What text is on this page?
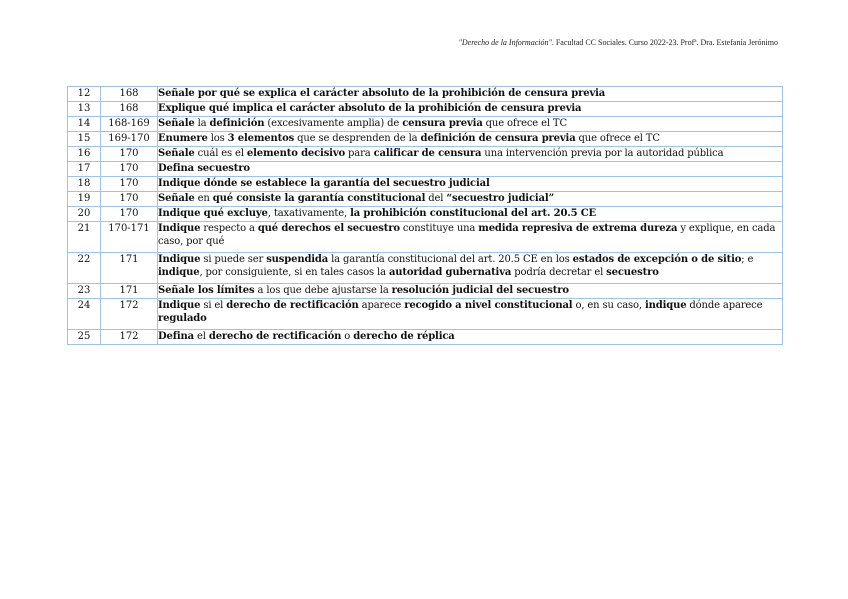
"Derecho de la Información". Facultad CC Sociales. Curso 2022-23. Profª. Dra. Estefanía Jerónimo
12	168	Señale por qué se explica el carácter absoluto de la prohibición de censura previa
13	168	Explique qué implica el carácter absoluto de la prohibición de censura previa
14	168-169	Señale la definición (excesivamente amplia) de censura previa que ofrece el TC
15	169-170	Enumere los 3 elementos que se desprenden de la definición de censura previa que ofrece el TC
16	170	Señale cuál es el elemento decisivo para calificar de censura una intervención previa por la autoridad pública
17	170	Defina secuestro
18	170	Indique dónde se establece la garantía del secuestro judicial
19	170	Señale en qué consiste la garantía constitucional del “secuestro judicial”
20	170	Indique qué excluye, taxativamente, la prohibición constitucional del art. 20.5 CE
21	170-171	Indique respecto a qué derechos el secuestro constituye una medida represiva de extrema dureza y explique, en cada caso, por qué
22	171	Indique si puede ser suspendida la garantía constitucional del art. 20.5 CE en los estados de excepción o de sitio; e indique, por consiguiente, si en tales casos la autoridad gubernativa podría decretar el secuestro
23	171	Señale los límites a los que debe ajustarse la resolución judicial del secuestro
24	172	Indique si el derecho de rectificación aparece recogido a nivel constitucional o, en su caso, indique dónde aparece regulado
25	172	Defina el derecho de rectificación o derecho de réplica
